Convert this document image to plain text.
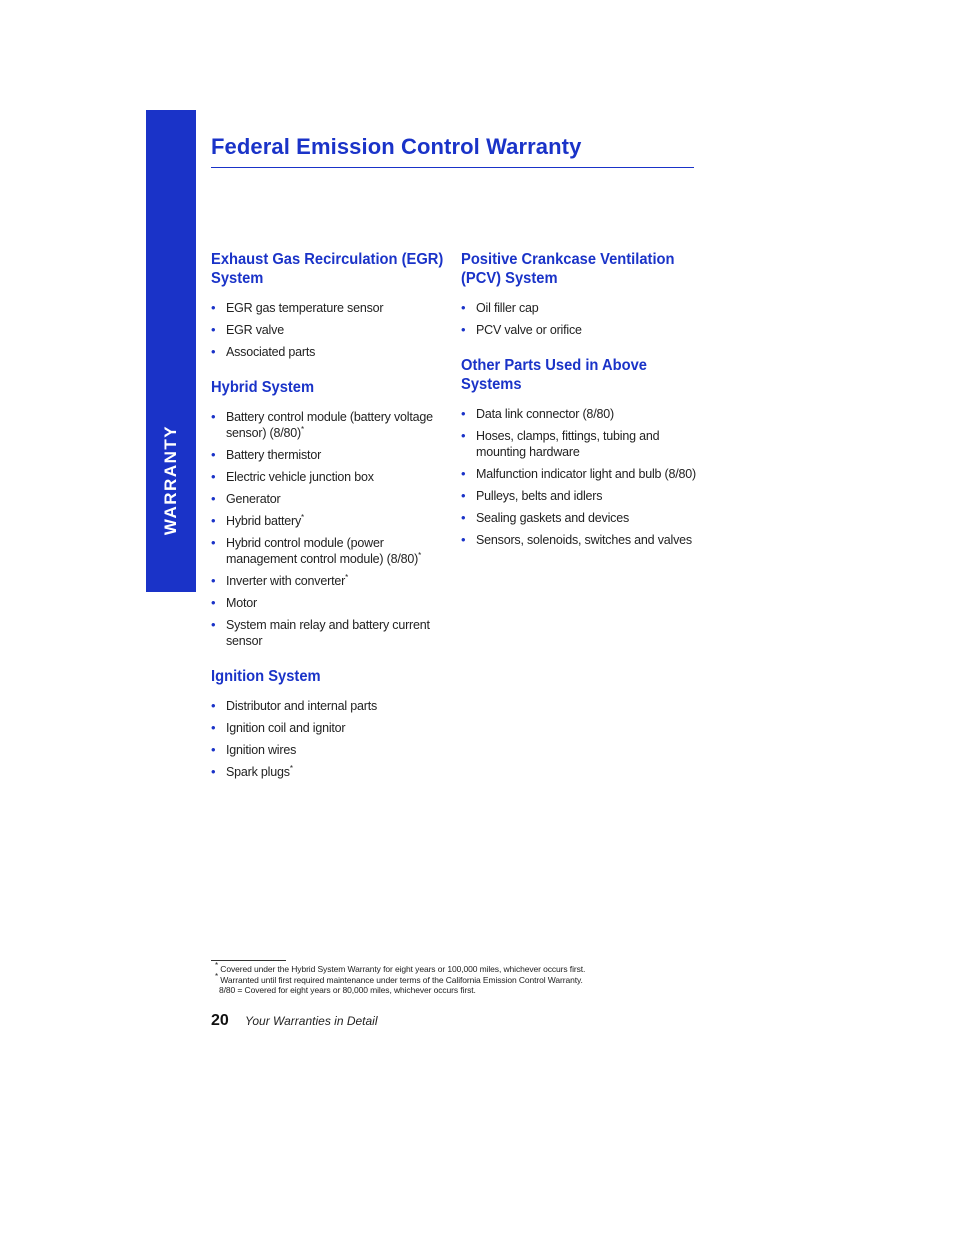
WARRANTY
Federal Emission Control Warranty
Exhaust Gas Recirculation (EGR) System
• EGR gas temperature sensor
• EGR valve
• Associated parts
Hybrid System
• Battery control module (battery voltage sensor) (8/80)*
• Battery thermistor
• Electric vehicle junction box
• Generator
• Hybrid battery*
• Hybrid control module (power management control module) (8/80)*
• Inverter with converter*
• Motor
• System main relay and battery current sensor
Ignition System
• Distributor and internal parts
• Ignition coil and ignitor
• Ignition wires
• Spark plugs*
Positive Crankcase Ventilation (PCV) System
• Oil filler cap
• PCV valve or orifice
Other Parts Used in Above Systems
• Data link connector (8/80)
• Hoses, clamps, fittings, tubing and mounting hardware
• Malfunction indicator light and bulb (8/80)
• Pulleys, belts and idlers
• Sealing gaskets and devices
• Sensors, solenoids, switches and valves

* Covered under the Hybrid System Warranty for eight years or 100,000 miles, whichever occurs first.

* Warranted until first required maintenance under terms of the California Emission Control Warranty.

8/80 = Covered for eight years or 80,000 miles, whichever occurs first.

20 Your Warranties in Detail
